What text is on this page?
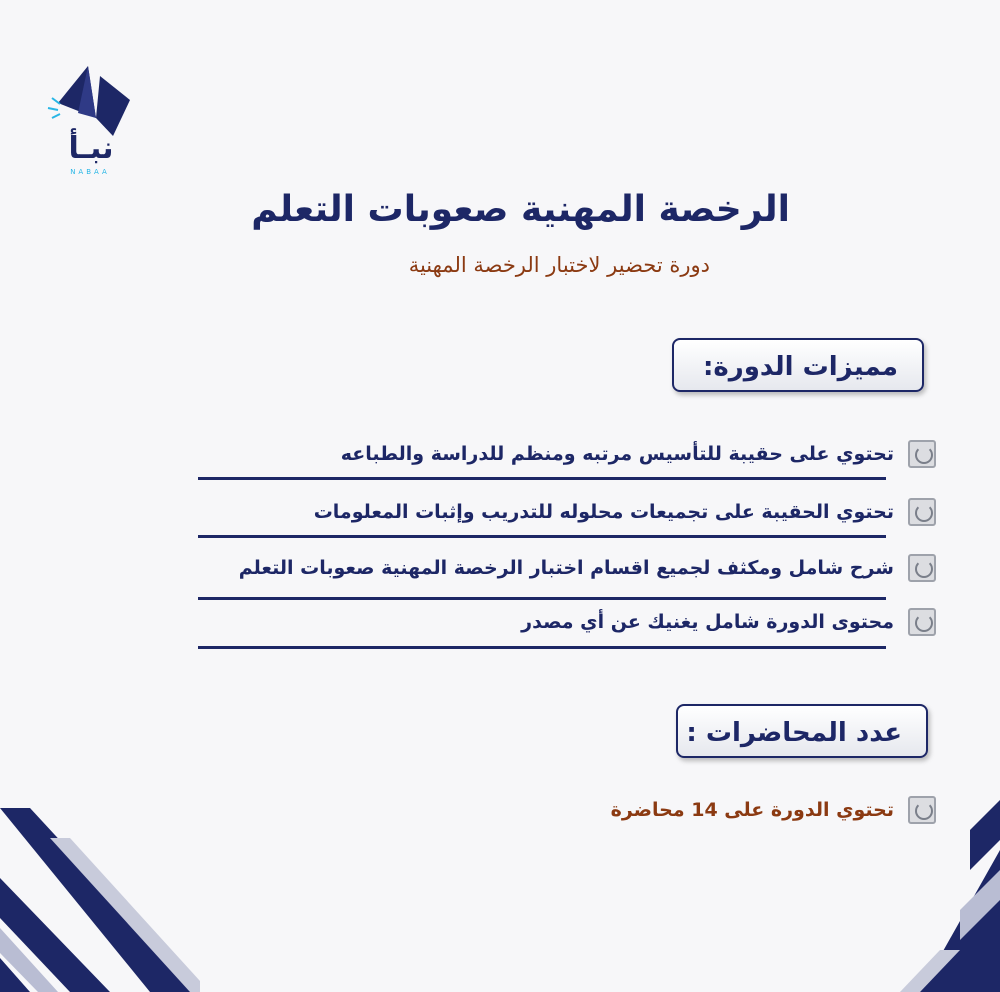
نبـأ
NABAA
الرخصة المهنية صعوبات التعلم
دورة تحضير لاختبار الرخصة المهنية
مميزات الدورة:
تحتوي على حقيبة للتأسيس مرتبه ومنظم للدراسة والطباعه
تحتوي الحقيبة على تجميعات محلوله للتدريب وإثبات المعلومات
شرح شامل ومكثف لجميع اقسام اختبار الرخصة المهنية صعوبات التعلم
محتوى الدورة شامل يغنيك عن أي مصدر
عدد المحاضرات :
تحتوي الدورة على 14 محاضرة
